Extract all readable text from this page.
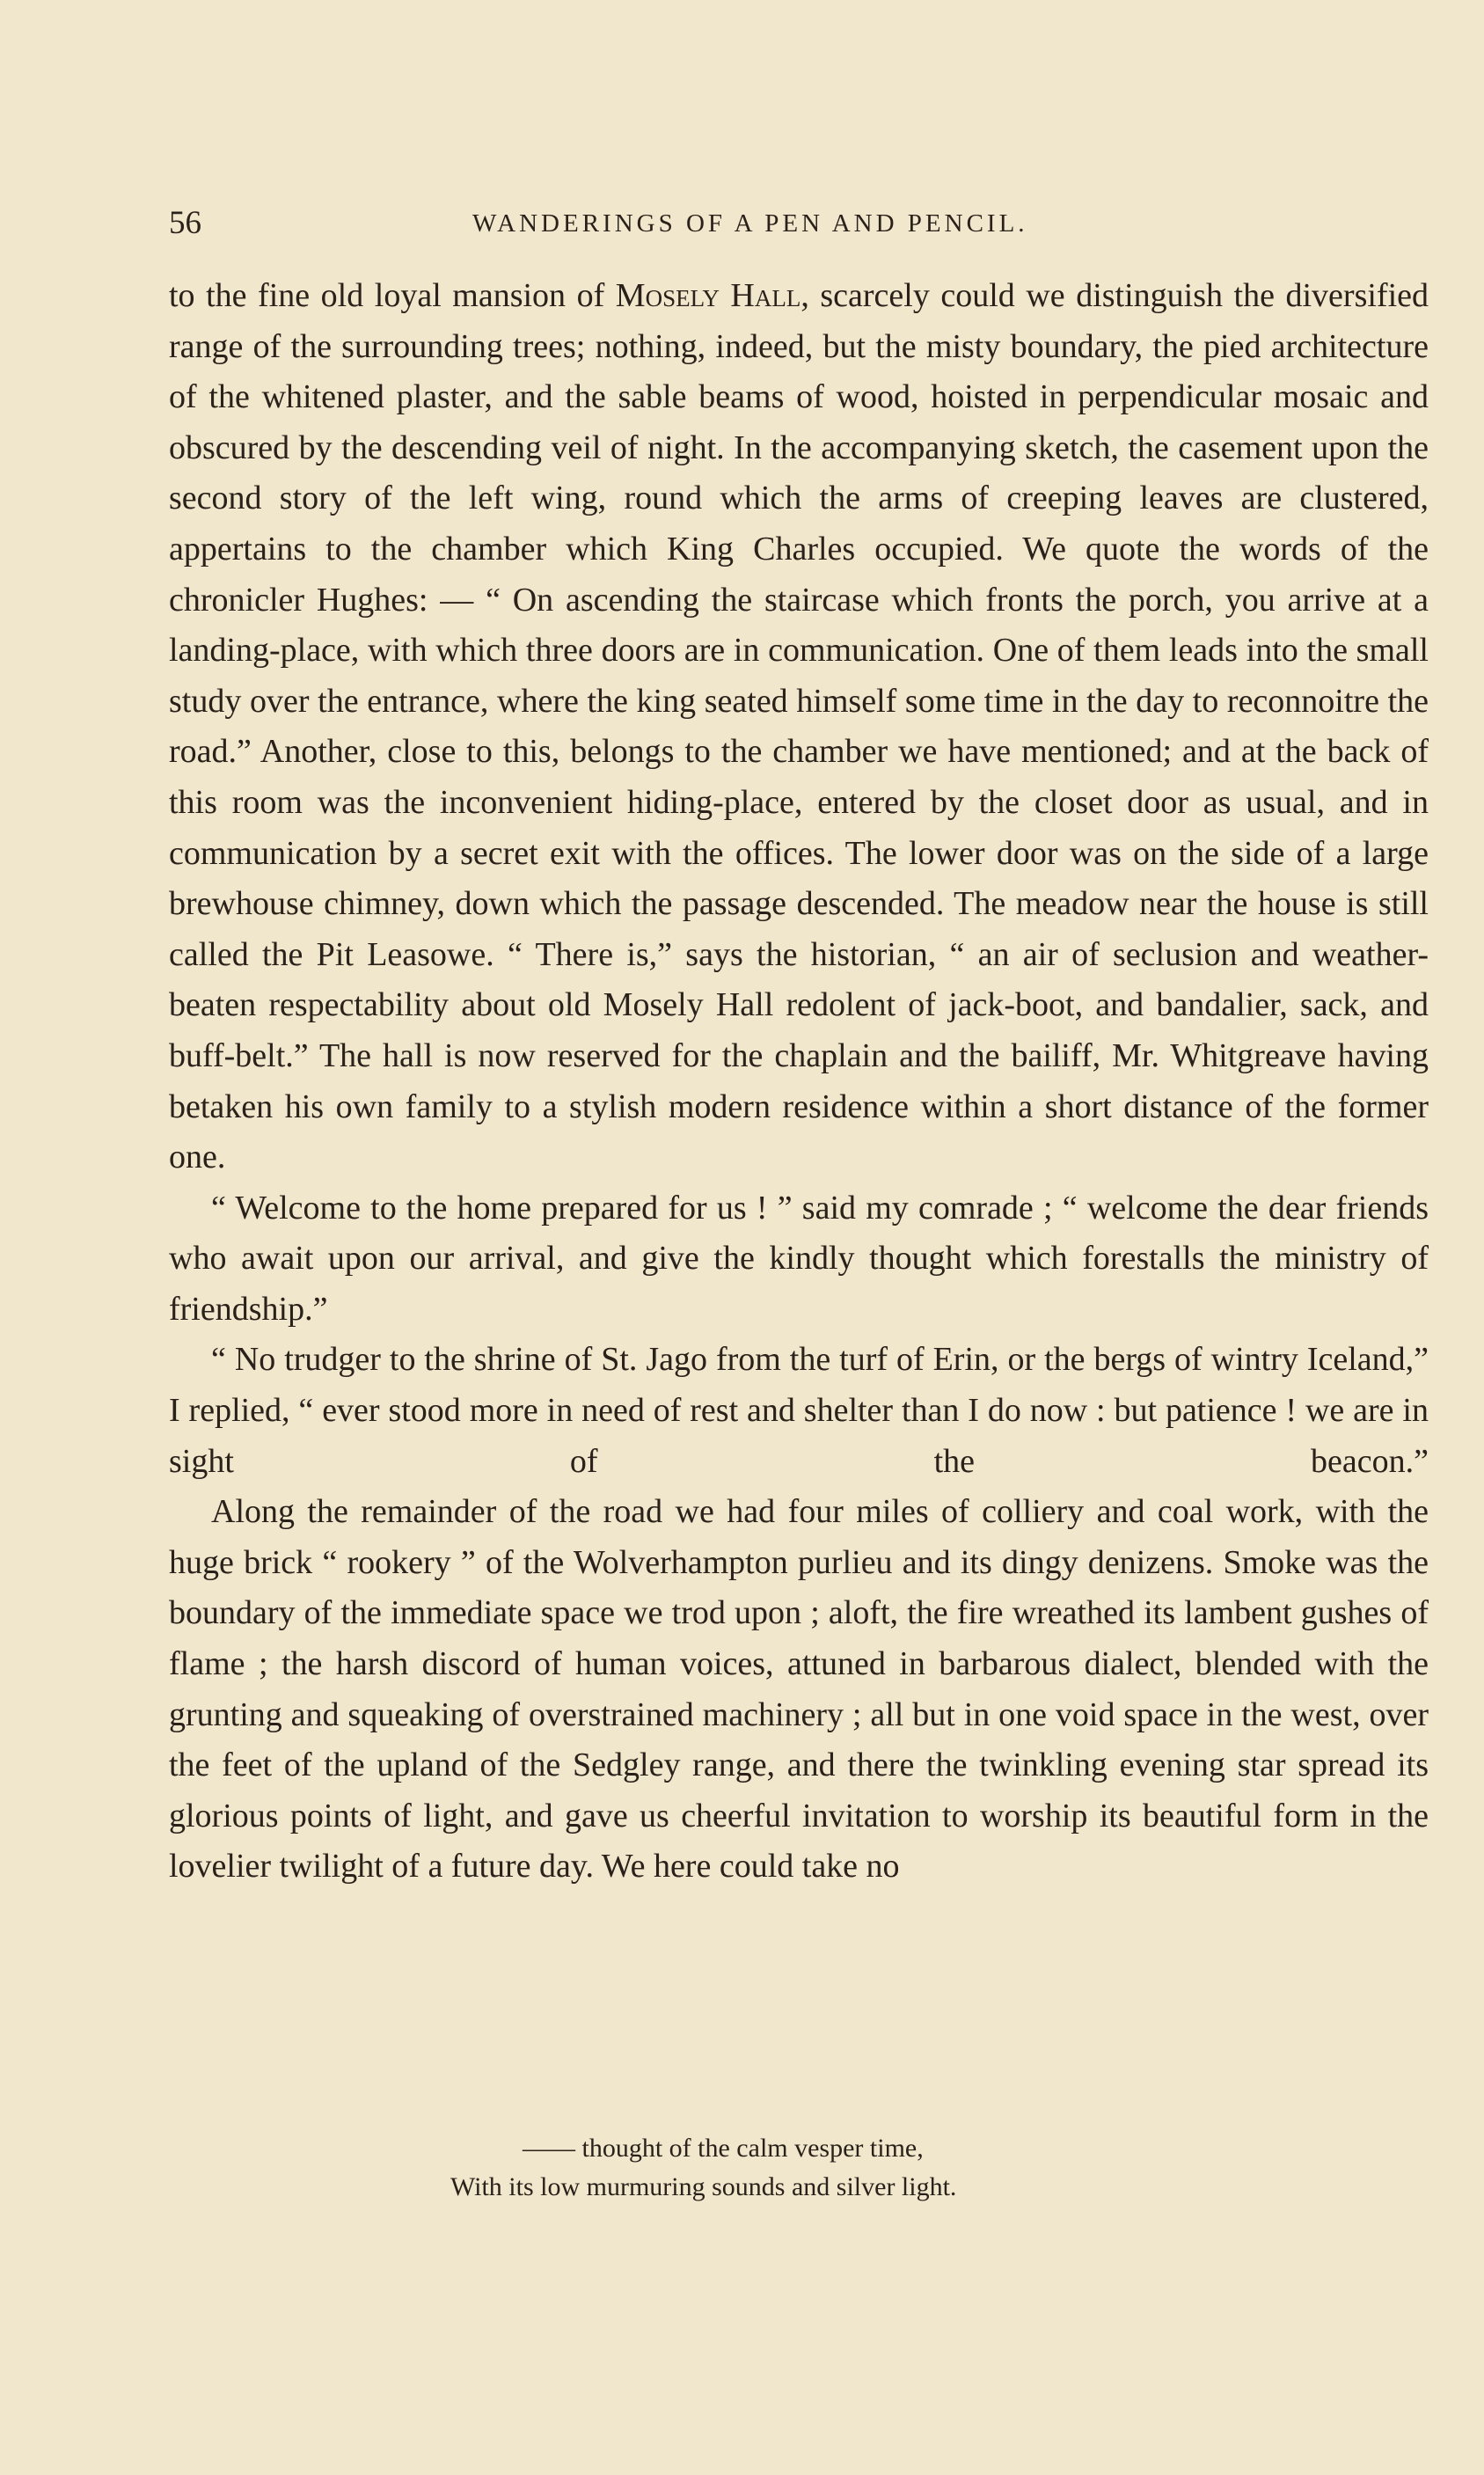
56	WANDERINGS OF A PEN AND PENCIL.

to the fine old loyal mansion of Mosely Hall, scarcely could we distinguish the diversified range of the surrounding trees; nothing, indeed, but the misty boundary, the pied architecture of the whitened plaster, and the sable beams of wood, hoisted in perpendicular mosaic and obscured by the descending veil of night. In the accompanying sketch, the casement upon the second story of the left wing, round which the arms of creeping leaves are clustered, appertains to the chamber which King Charles occupied. We quote the words of the chronicler Hughes: — “ On ascending the staircase which fronts the porch, you arrive at a landing-place, with which three doors are in communication. One of them leads into the small study over the entrance, where the king seated himself some time in the day to reconnoitre the road.” Another, close to this, belongs to the chamber we have mentioned; and at the back of this room was the inconvenient hiding-place, entered by the closet door as usual, and in communication by a secret exit with the offices. The lower door was on the side of a large brewhouse chimney, down which the passage descended. The meadow near the house is still called the Pit Leasowe. “ There is,” says the historian, “ an air of seclusion and weather-beaten respectability about old Mosely Hall redolent of jack-boot, and bandalier, sack, and buff-belt.” The hall is now reserved for the chaplain and the bailiff, Mr. Whitgreave having betaken his own family to a stylish modern residence within a short distance of the former one.

“ Welcome to the home prepared for us ! ” said my comrade ; “ welcome the dear friends who await upon our arrival, and give the kindly thought which forestalls the ministry of friendship.”

“ No trudger to the shrine of St. Jago from the turf of Erin, or the bergs of wintry Iceland,” I replied, “ ever stood more in need of rest and shelter than I do now : but patience ! we are in sight of the beacon.”

Along the remainder of the road we had four miles of colliery and coal work, with the huge brick “ rookery ” of the Wolverhampton purlieu and its dingy denizens. Smoke was the boundary of the immediate space we trod upon ; aloft, the fire wreathed its lambent gushes of flame ; the harsh discord of human voices, attuned in barbarous dialect, blended with the grunting and squeaking of overstrained machinery ; all but in one void space in the west, over the feet of the upland of the Sedgley range, and there the twinkling evening star spread its glorious points of light, and gave us cheerful invitation to worship its beautiful form in the lovelier twilight of a future day. We here could take no

—— thought of the calm vesper time,
With its low murmuring sounds and silver light.
